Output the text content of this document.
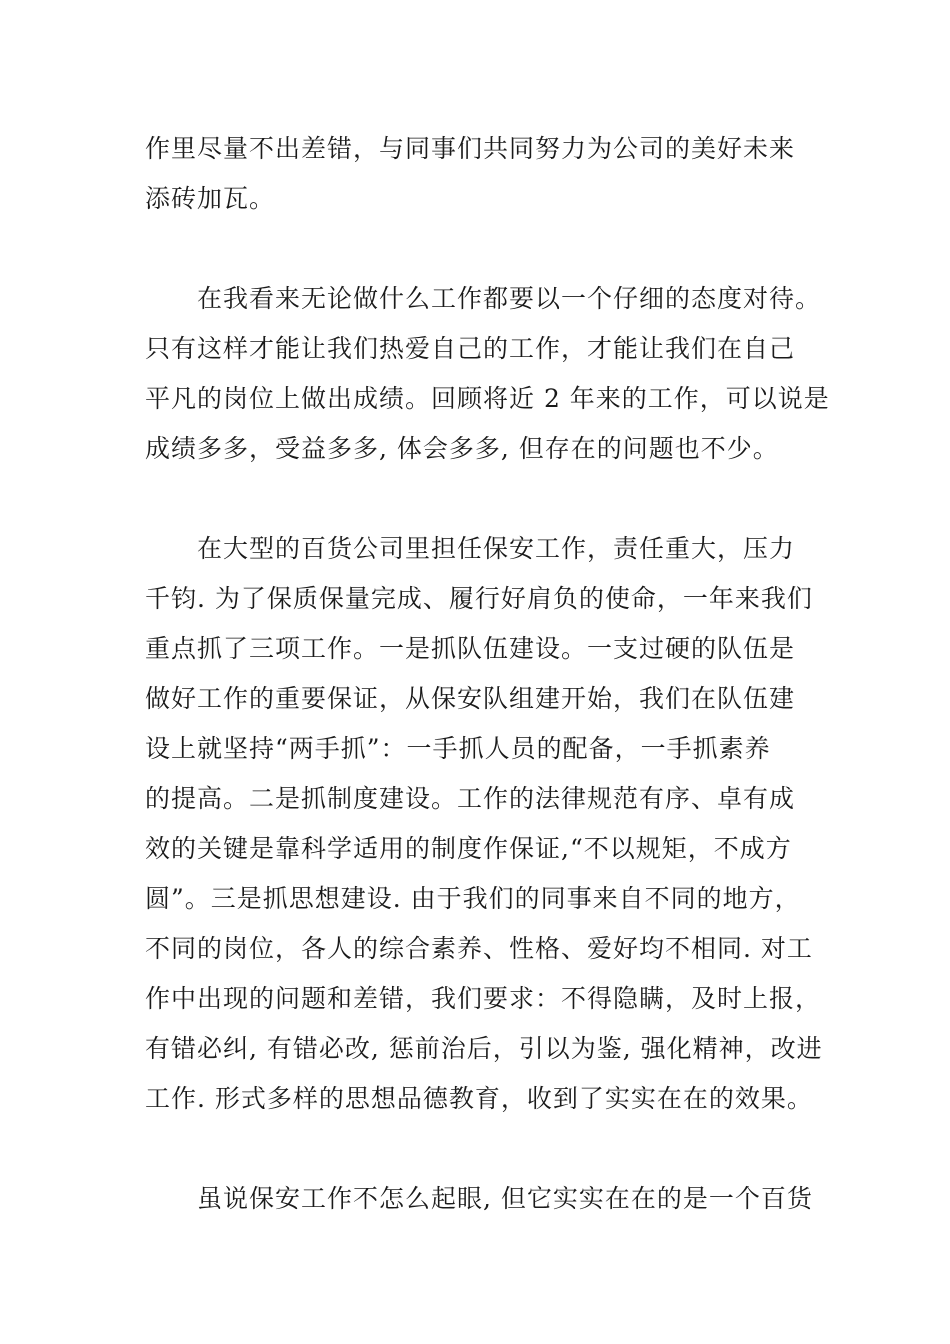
作里尽量不出差错，与同事们共同努力为公司的美好未来
添砖加瓦。
在我看来无论做什么工作都要以一个仔细的态度对待。
只有这样才能让我们热爱自己的工作，才能让我们在自己
平凡的岗位上做出成绩。回顾将近 2 年来的工作，可以说是
成绩多多，受益多多, 体会多多, 但存在的问题也不少。
在大型的百货公司里担任保安工作，责任重大，压力
千钧. 为了保质保量完成、履行好肩负的使命，一年来我们
重点抓了三项工作。一是抓队伍建设。一支过硬的队伍是
做好工作的重要保证，从保安队组建开始，我们在队伍建
设上就坚持“两手抓”：一手抓人员的配备，一手抓素养
的提高。二是抓制度建设。工作的法律规范有序、卓有成
效的关键是靠科学适用的制度作保证,“不以规矩，不成方
圆”。三是抓思想建设. 由于我们的同事来自不同的地方，
不同的岗位，各人的综合素养、性格、爱好均不相同. 对工
作中出现的问题和差错，我们要求：不得隐瞒，及时上报，
有错必纠, 有错必改, 惩前治后，引以为鉴, 强化精神，改进
工作. 形式多样的思想品德教育，收到了实实在在的效果。
虽说保安工作不怎么起眼, 但它实实在在的是一个百货
